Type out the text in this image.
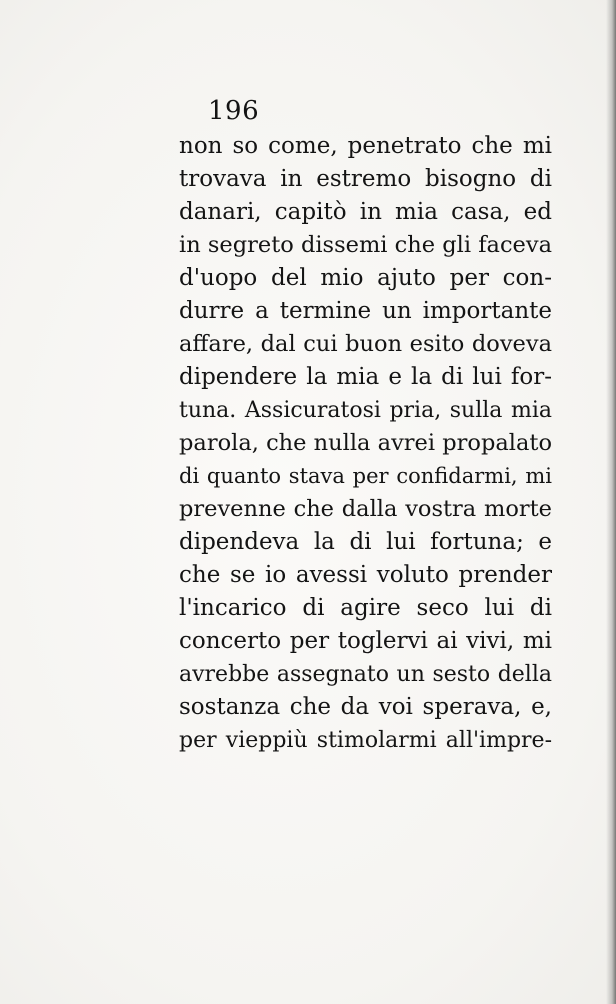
196
non so come, penetrato che mi
trovava in estremo bisogno di
danari, capitò in mia casa, ed
in segreto dissemi che gli faceva
d'uopo del mio ajuto per con-
durre a termine un importante
affare, dal cui buon esito doveva
dipendere la mia e la di lui for-
tuna. Assicuratosi pria, sulla mia
parola, che nulla avrei propalato
di quanto stava per confidarmi, mi
prevenne che dalla vostra morte
dipendeva la di lui fortuna; e
che se io avessi voluto prender
l'incarico di agire seco lui di
concerto per toglervi ai vivi, mi
avrebbe assegnato un sesto della
sostanza che da voi sperava, e,
per vieppiù stimolarmi all'impre-
